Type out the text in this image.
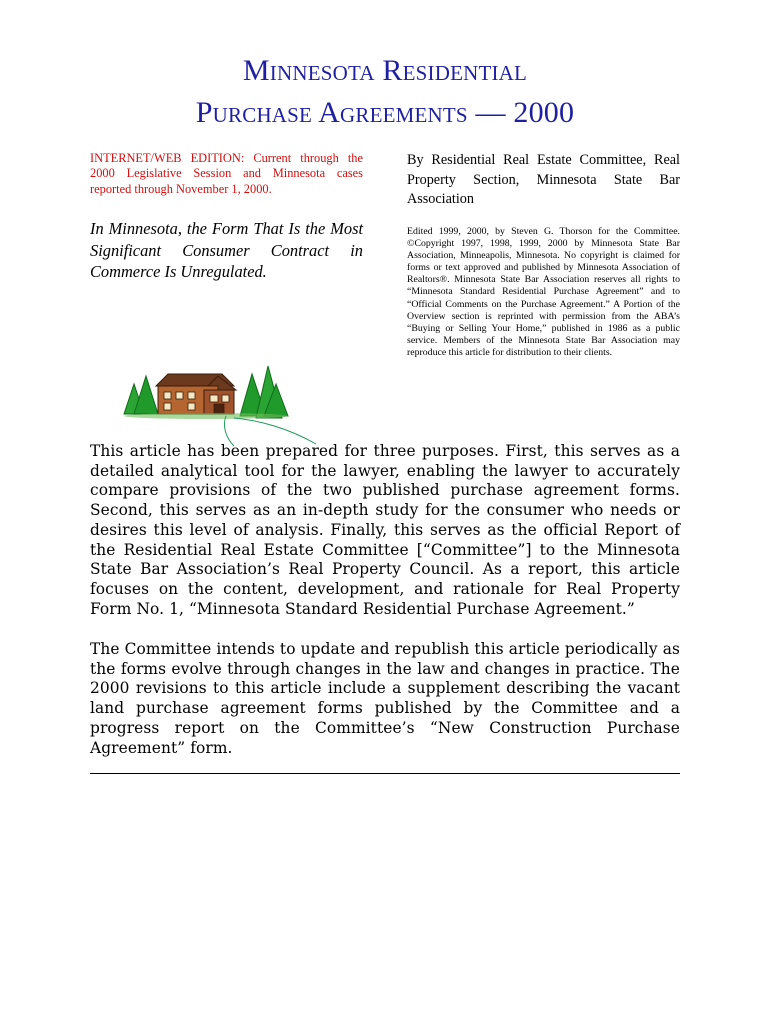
Minnesota Residential
Purchase Agreements — 2000
INTERNET/WEB EDITION: Current through the 2000 Legislative Session and Minnesota cases reported through November 1, 2000.
By Residential Real Estate Committee, Real Property Section, Minnesota State Bar Association
In Minnesota, the Form That Is the Most Significant Consumer Contract in Commerce Is Unregulated.
Edited 1999, 2000, by Steven G. Thorson for the Committee. ©Copyright 1997, 1998, 1999, 2000 by Minnesota State Bar Association, Minneapolis, Minnesota. No copyright is claimed for forms or text approved and published by Minnesota Association of Realtors®. Minnesota State Bar Association reserves all rights to “Minnesota Standard Residential Purchase Agreement” and to “Official Comments on the Purchase Agreement.” A Portion of the Overview section is reprinted with permission from the ABA’s “Buying or Selling Your Home,” published in 1986 as a public service. Members of the Minnesota State Bar Association may reproduce this article for distribution to their clients.
This article has been prepared for three purposes. First, this serves as a detailed analytical tool for the lawyer, enabling the lawyer to accurately compare provisions of the two published purchase agreement forms. Second, this serves as an in-depth study for the consumer who needs or desires this level of analysis. Finally, this serves as the official Report of the Residential Real Estate Committee [“Committee”] to the Minnesota State Bar Association’s Real Property Council. As a report, this article focuses on the content, development, and rationale for Real Property Form No. 1, “Minnesota Standard Residential Purchase Agreement.”
The Committee intends to update and republish this article periodically as the forms evolve through changes in the law and changes in practice. The 2000 revisions to this article include a supplement describing the vacant land purchase agreement forms published by the Committee and a progress report on the Committee’s “New Construction Purchase Agreement” form.
